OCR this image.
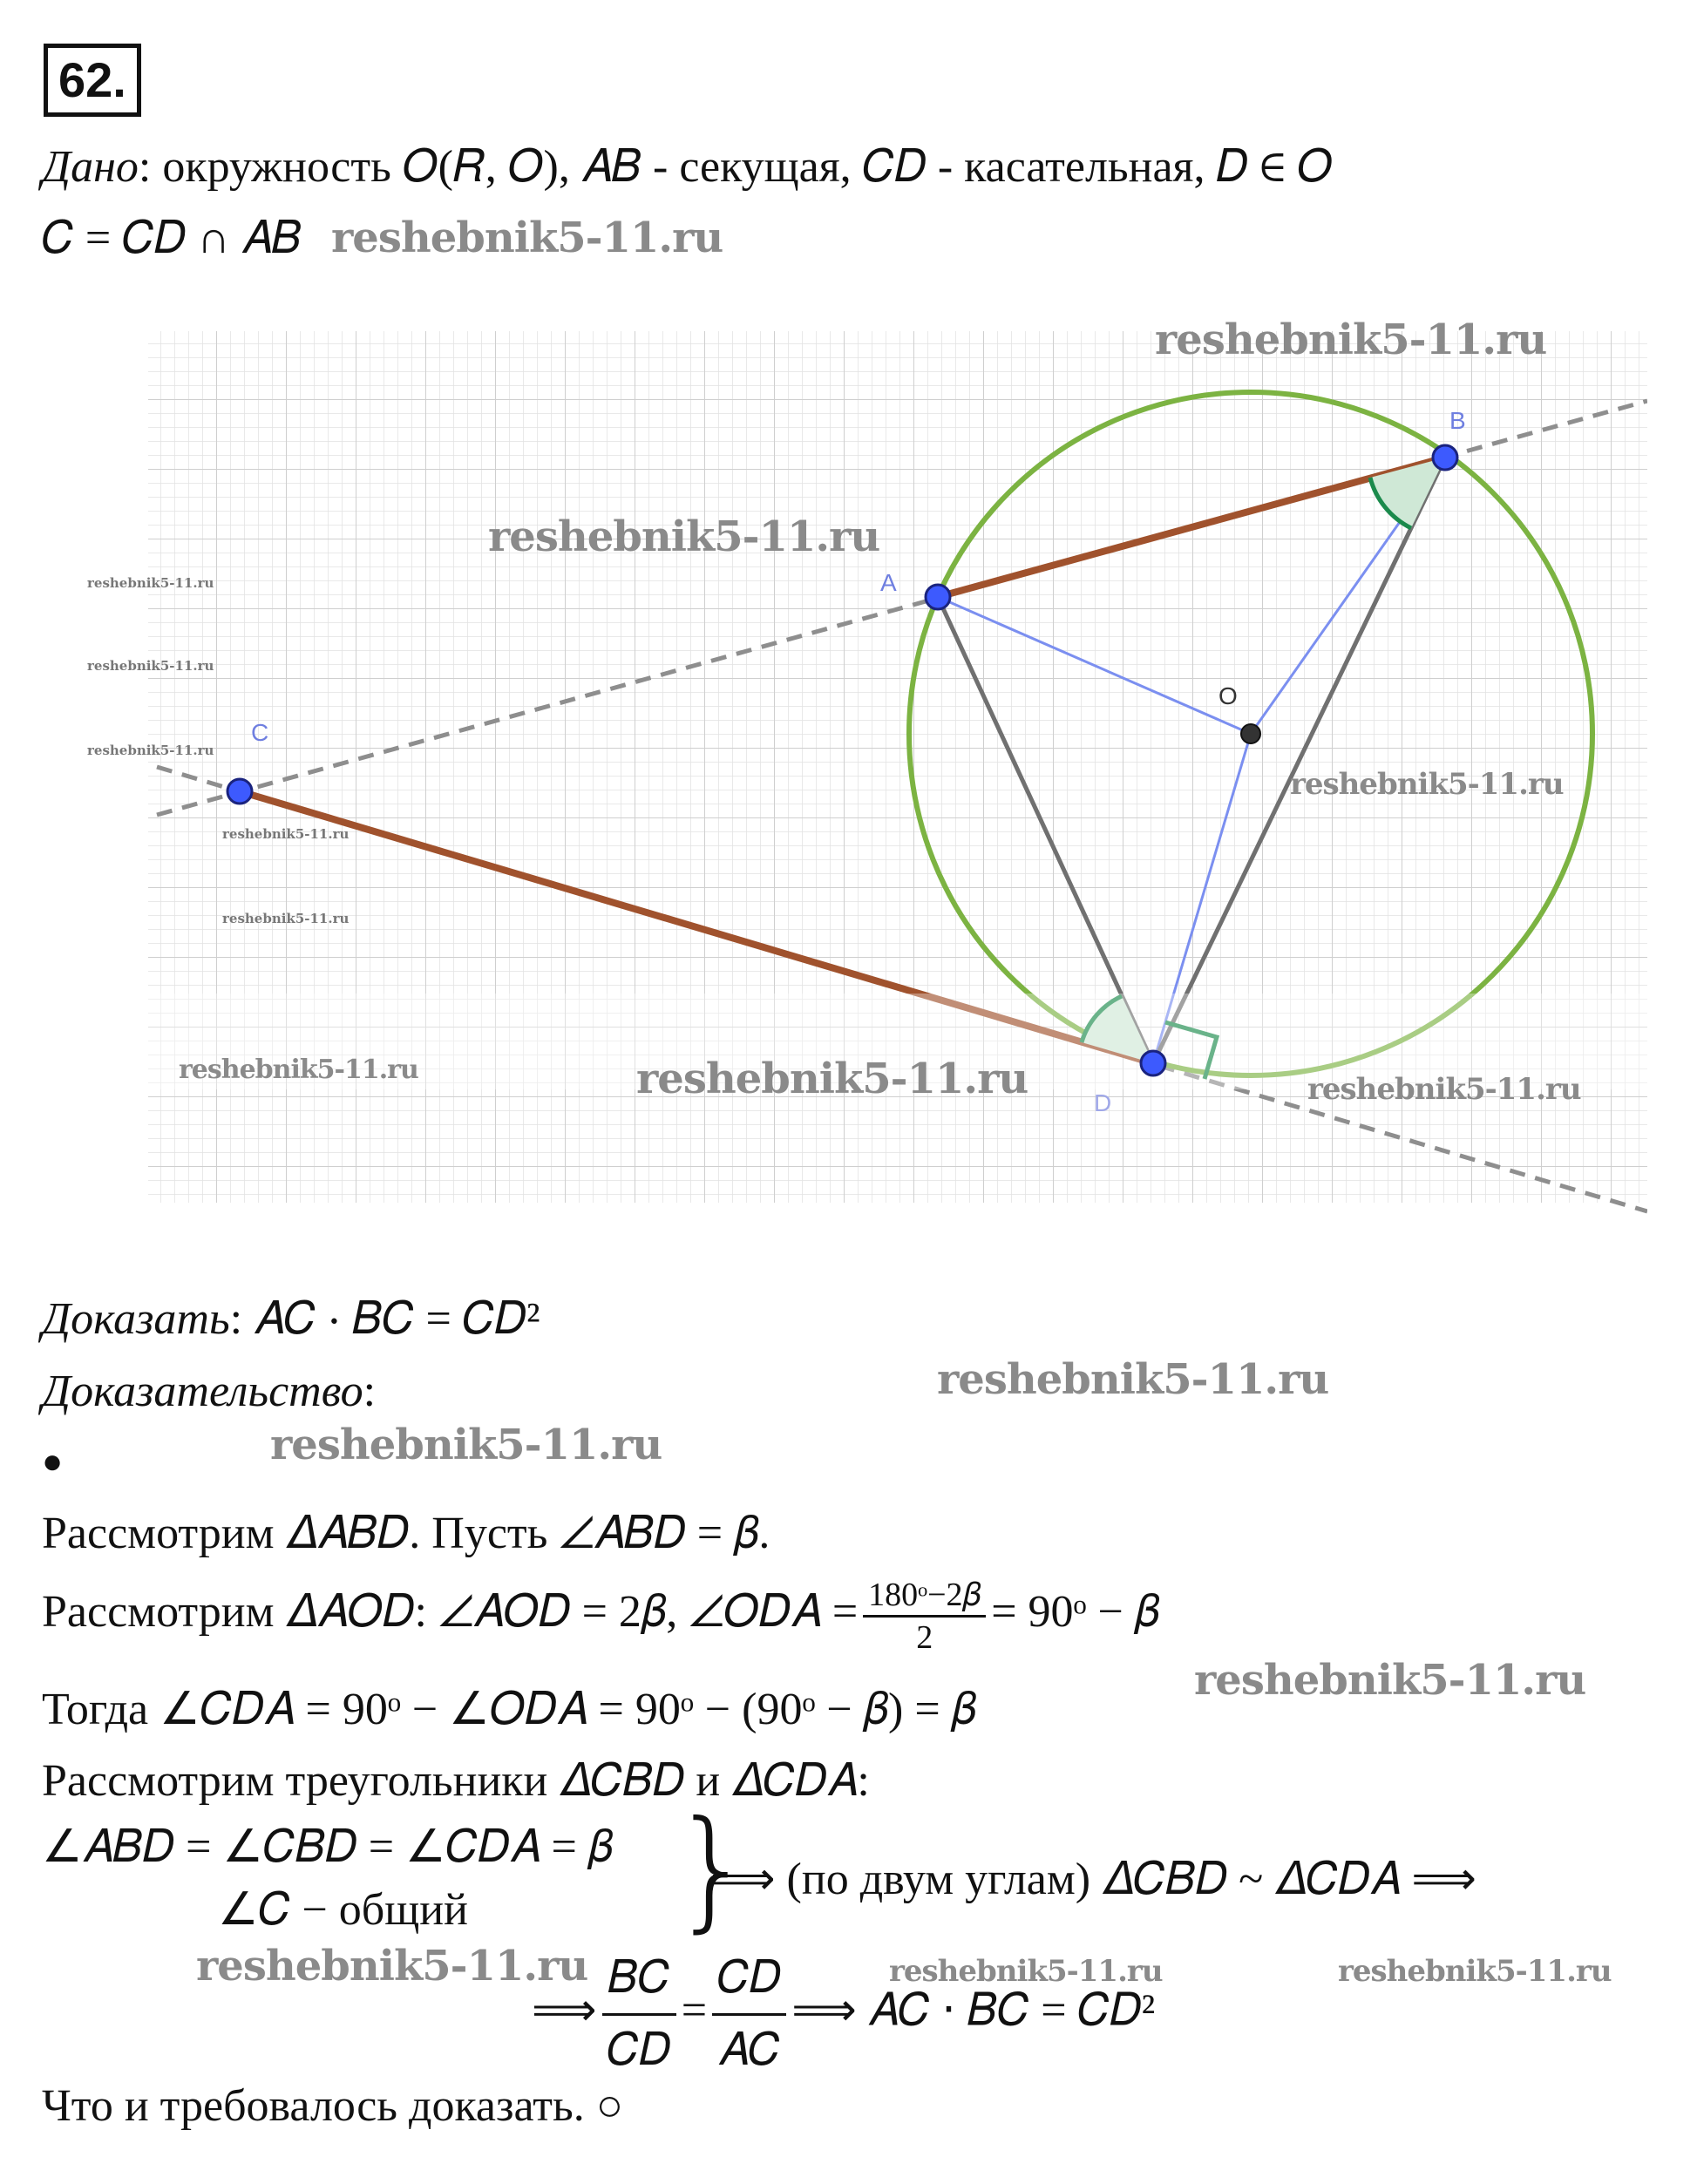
62.
Дано: окружность 𝑂(𝑅, 𝑂), 𝐴𝐵 - секущая, 𝐶𝐷 - касательная, 𝐷 ∈ 𝑂
𝐶 = 𝐶𝐷 ∩ 𝐴𝐵 reshebnik5-11.ru
A
B
C
D
O
reshebnik5-11.ru
reshebnik5-11.ru
reshebnik5-11.ru
reshebnik5-11.ru
reshebnik5-11.ru
reshebnik5-11.ru
reshebnik5-11.ru
reshebnik5-11.ru
reshebnik5-11.ru
reshebnik5-11.ru
reshebnik5-11.ru
Доказать: 𝐴𝐶 ⋅ 𝐵𝐶 = 𝐶𝐷²
Доказательство:	reshebnik5-11.ru
●	reshebnik5-11.ru
Рассмотрим 𝛥𝐴𝐵𝐷. Пусть ∠𝐴𝐵𝐷 = 𝛽.
Рассмотрим 𝛥𝐴𝑂𝐷: ∠𝐴𝑂𝐷 = 2𝛽, ∠𝑂𝐷𝐴 = $\frac{\text{180ᵒ−2𝛽}}{2}$ = 90ᵒ − 𝛽
Тогда ∠𝐶𝐷𝐴 = 90ᵒ − ∠𝑂𝐷𝐴 = 90ᵒ − (90ᵒ − 𝛽) = 𝛽
reshebnik5-11.ru
Рассмотрим треугольники 𝛥𝐶𝐵𝐷 и 𝛥𝐶𝐷𝐴:
∠𝐴𝐵𝐷 = ∠𝐶𝐵𝐷 = ∠𝐶𝐷𝐴 = 𝛽
∠𝐶 − общий }
⟹ (по двум углам) 𝛥𝐶𝐵𝐷 ~ 𝛥𝐶𝐷𝐴 ⟹
reshebnik5-11.ru	reshebnik5-11.ru	reshebnik5-11.ru
⟹ $\frac{\text{𝐵𝐶}}{\text{𝐶𝐷}} = \frac{\text{𝐶𝐷}}{\text{𝐴𝐶}}$ ⟹ 𝐴𝐶 ⋅ 𝐵𝐶 = 𝐶𝐷²
Что и требовалось доказать. ○
